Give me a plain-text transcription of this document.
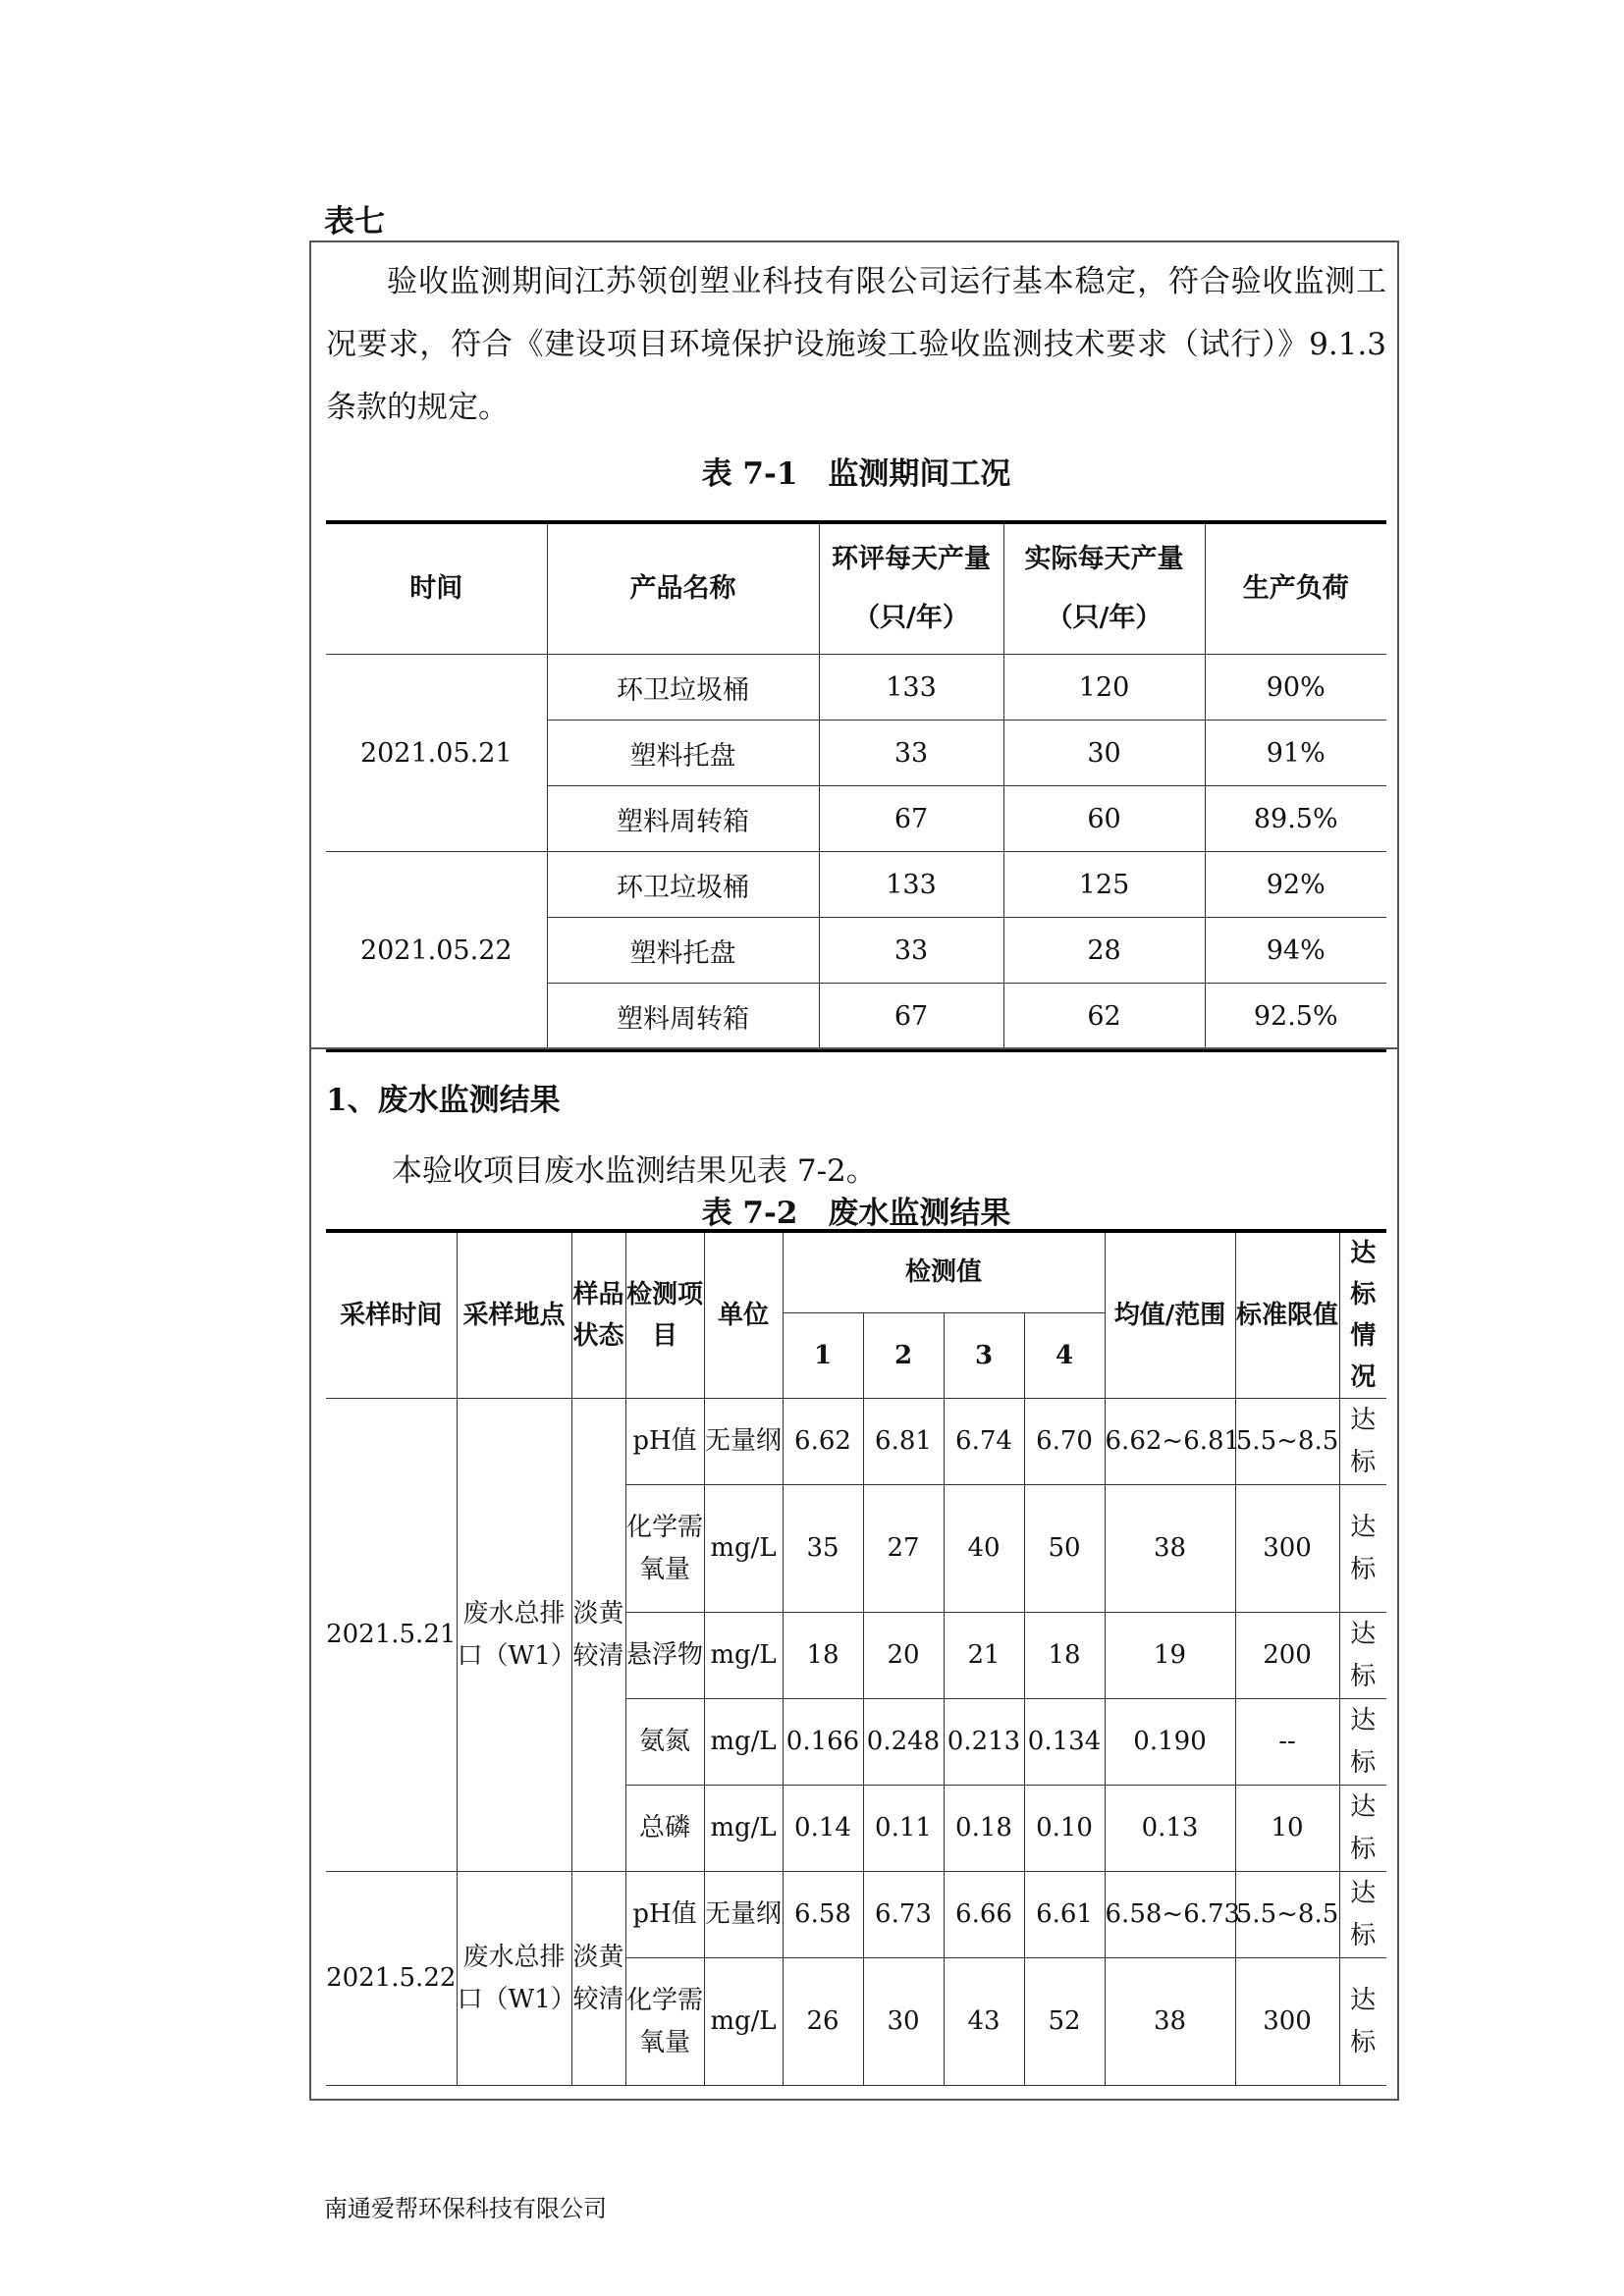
表七

验收监测期间江苏领创塑业科技有限公司运行基本稳定，符合验收监测工况要求，符合《建设项目环境保护设施竣工验收监测技术要求（试行）》9.1.3 条款的规定。

表 7-1　监测期间工况
时间	产品名称	环评每天产量（只/年）	实际每天产量（只/年）	生产负荷
2021.05.21	环卫垃圾桶	133	120	90%
	塑料托盘	33	30	91%
	塑料周转箱	67	60	89.5%
2021.05.22	环卫垃圾桶	133	125	92%
	塑料托盘	33	28	94%
	塑料周转箱	67	62	92.5%
1、废水监测结果

本验收项目废水监测结果见表 7-2。

表 7-2　废水监测结果
采样时间	采样地点	样品状态	检测项目	单位	检测值				均值/范围	标准限值	达标情况
					1	2	3	4			
2021.5.21	废水总排口（W1）	淡黄较清	pH值	无量纲	6.62	6.81	6.74	6.70	6.62~6.81	5.5~8.5	达标
			化学需氧量	mg/L	35	27	40	50	38	300	达标
			悬浮物	mg/L	18	20	21	18	19	200	达标
			氨氮	mg/L	0.166	0.248	0.213	0.134	0.190	--	达标
			总磷	mg/L	0.14	0.11	0.18	0.10	0.13	10	达标
2021.5.22	废水总排口（W1）	淡黄较清	pH值	无量纲	6.58	6.73	6.66	6.61	6.58~6.73	5.5~8.5	达标
			化学需氧量	mg/L	26	30	43	52	38	300	达标
南通爱帮环保科技有限公司
